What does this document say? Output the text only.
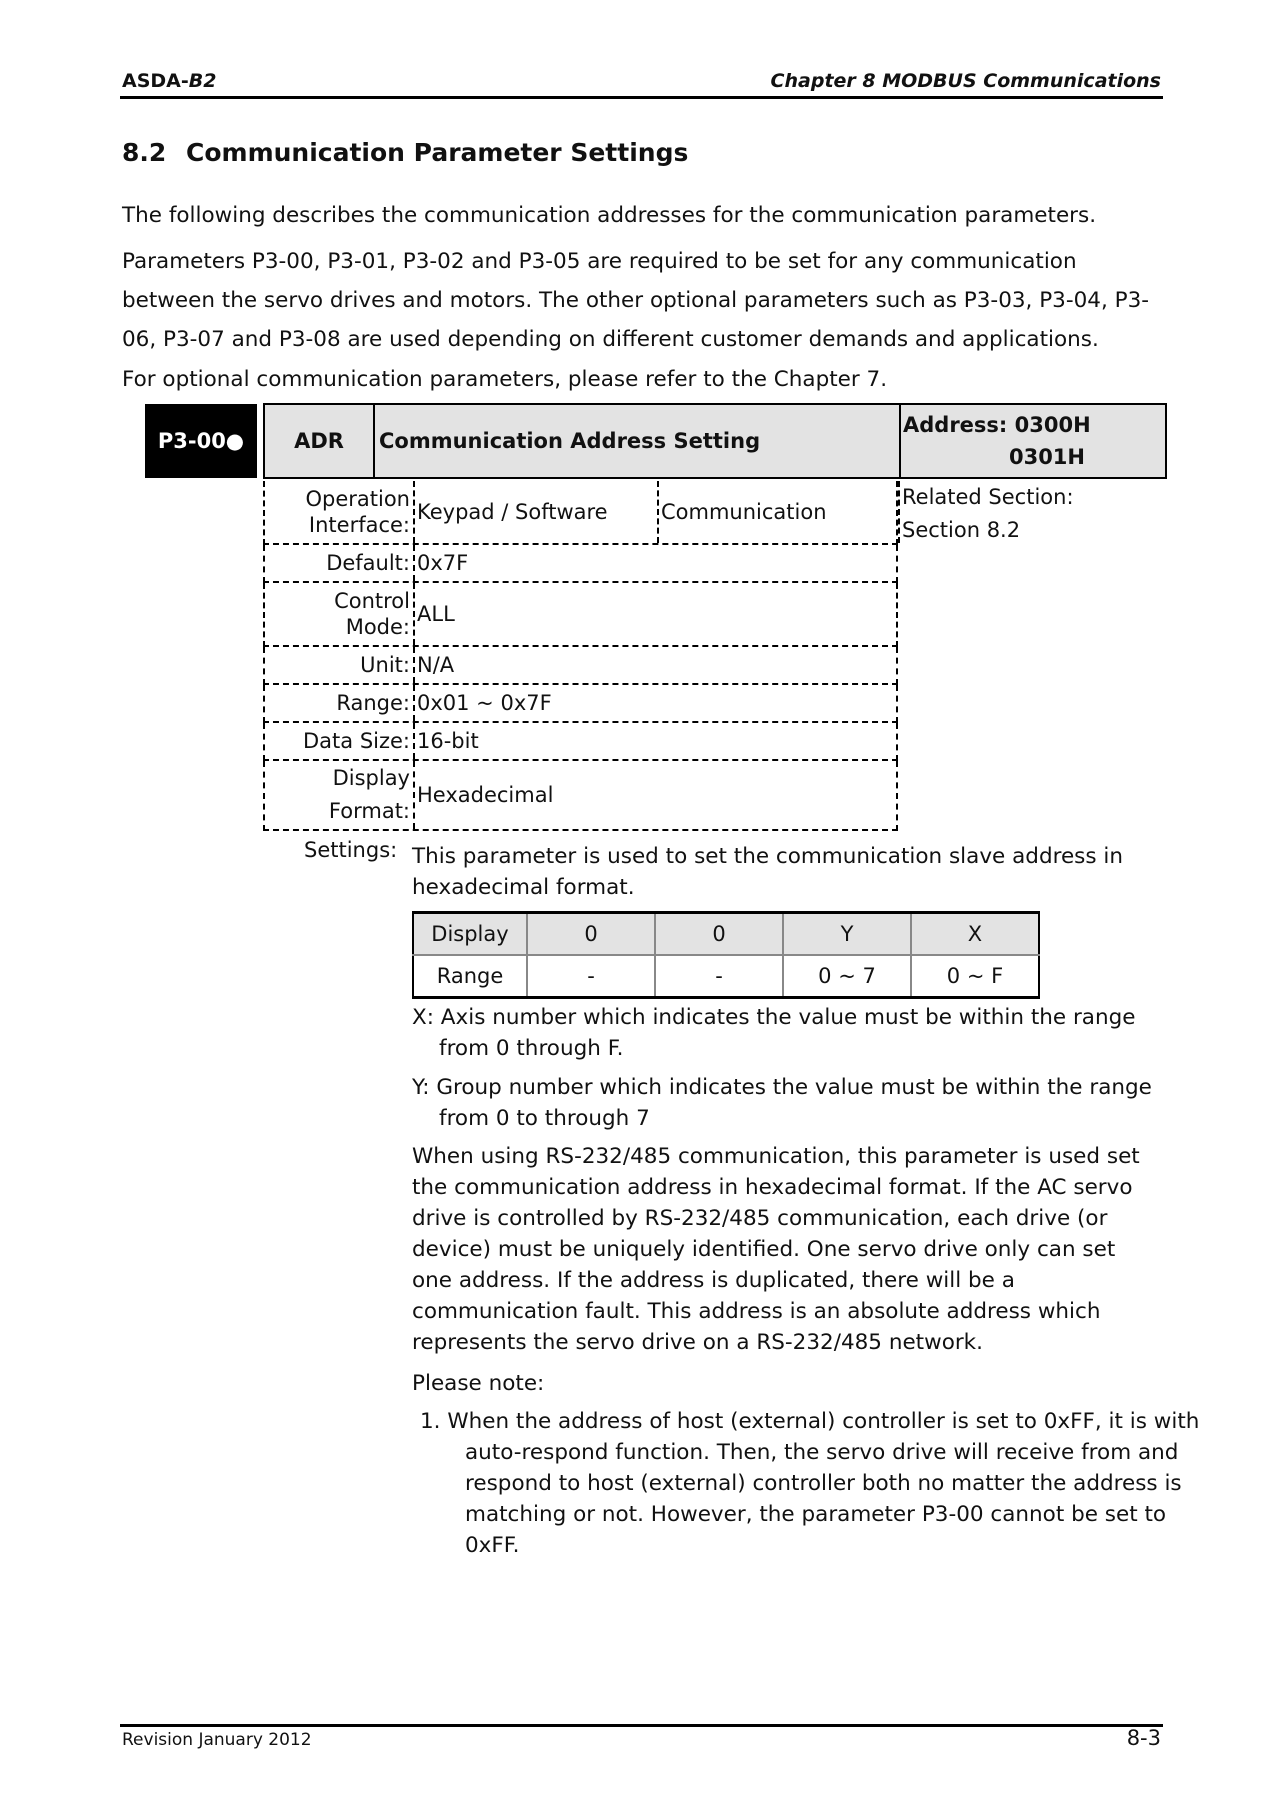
ASDA-B2	Chapter 8 MODBUS Communications
8.2 Communication Parameter Settings
The following describes the communication addresses for the communication parameters.
Parameters P3-00, P3-01, P3-02 and P3-05 are required to be set for any communication between the servo drives and motors. The other optional parameters such as P3-03, P3-04, P3-06, P3-07 and P3-08 are used depending on different customer demands and applications.
For optional communication parameters, please refer to the Chapter 7.
P3-00●	ADR	Communication Address Setting
Address: 0300H
0301H
Operation Interface:
Keypad / Software	Communication
Default: 0x7F
Control Mode:
ALL
Unit: N/A
Range: 0x01 ~ 0x7F
Data Size: 16-bit
Display Format:
Hexadecimal
Related Section:
Section 8.2
Settings: This parameter is used to set the communication slave address in hexadecimal format.
Display	0	0	Y	X
Range	-	-	0 ~ 7	0 ~ F
X: Axis number which indicates the value must be within the range from 0 through F.
Y: Group number which indicates the value must be within the range from 0 to through 7
When using RS-232/485 communication, this parameter is used set the communication address in hexadecimal format. If the AC servo drive is controlled by RS-232/485 communication, each drive (or device) must be uniquely identified. One servo drive only can set one address. If the address is duplicated, there will be a communication fault. This address is an absolute address which represents the servo drive on a RS-232/485 network.
Please note:
1. When the address of host (external) controller is set to 0xFF, it is with auto-respond function. Then, the servo drive will receive from and respond to host (external) controller both no matter the address is matching or not. However, the parameter P3-00 cannot be set to 0xFF.
Revision January 2012	8-3
